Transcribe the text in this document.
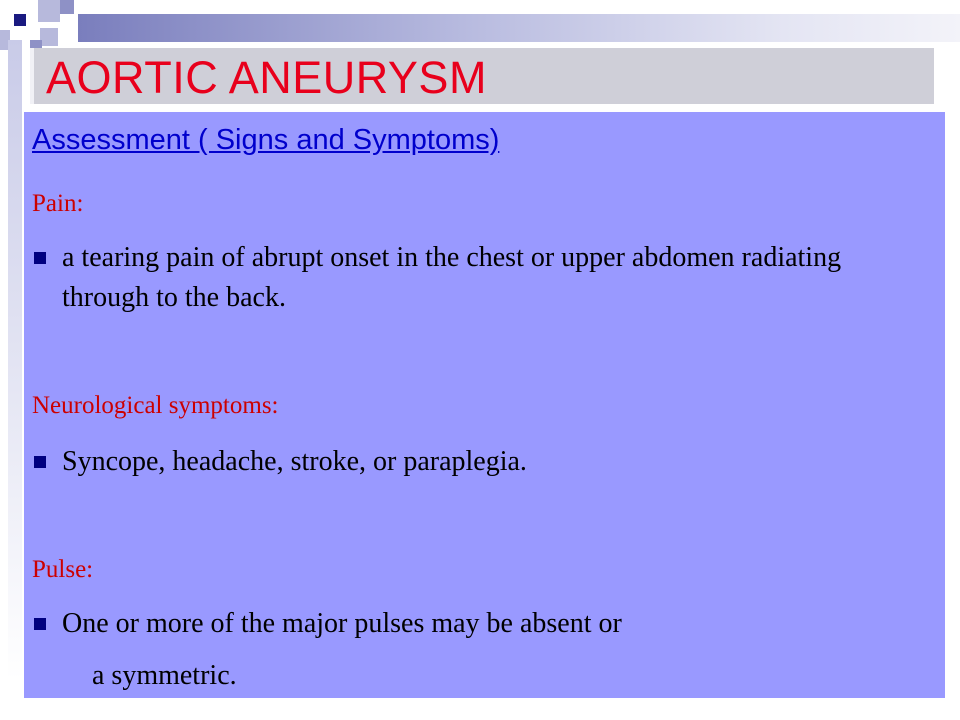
AORTIC ANEURYSM
Assessment ( Signs and Symptoms)
Pain:
a tearing pain of abrupt onset in the chest or upper abdomen radiating through to the back.
Neurological symptoms:
Syncope, headache, stroke, or paraplegia.
Pulse:
One or more of the major pulses may be absent or
a symmetric.
